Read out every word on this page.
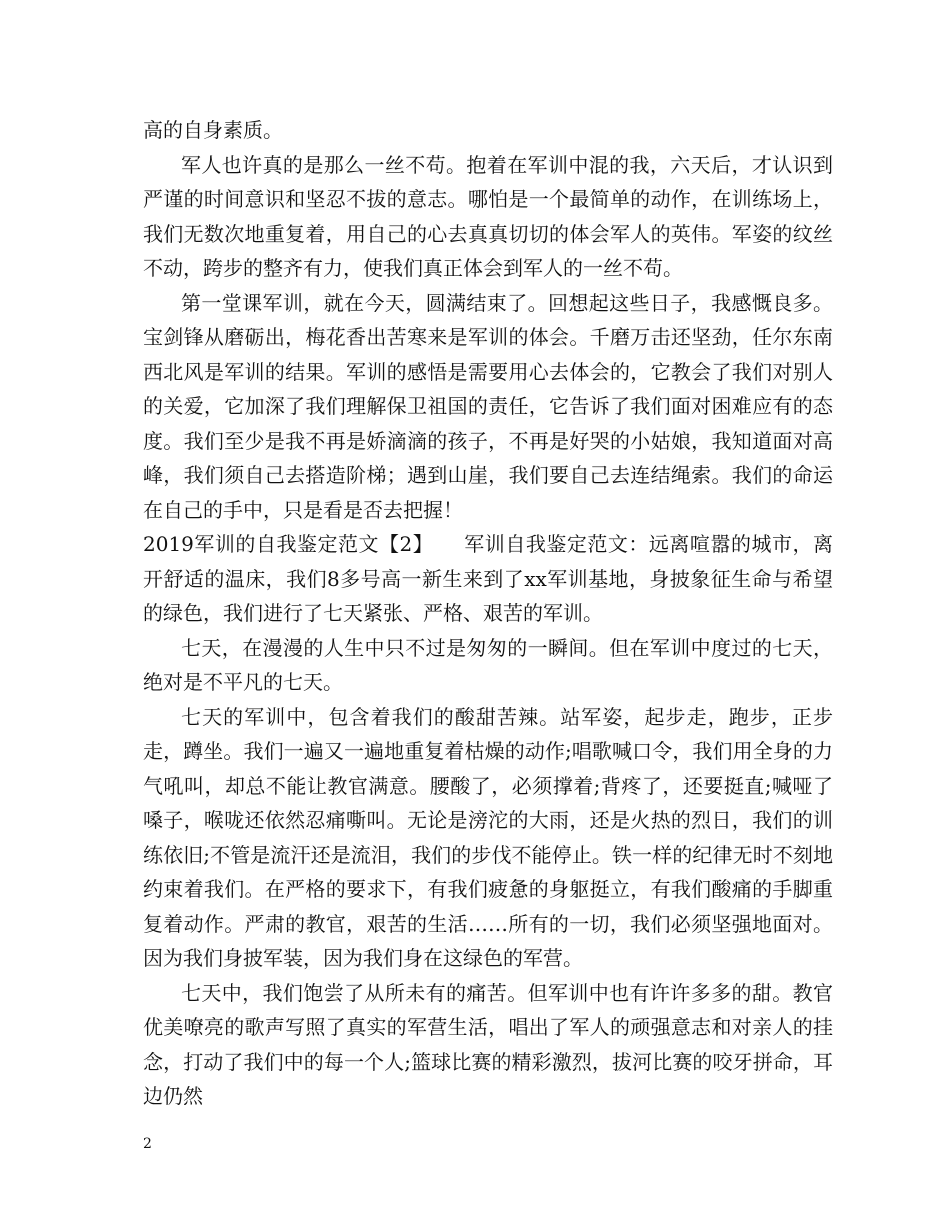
高的自身素质。

军人也许真的是那么一丝不苟。抱着在军训中混的我，六天后，才认识到严谨的时间意识和坚忍不拔的意志。哪怕是一个最简单的动作，在训练场上，我们无数次地重复着，用自己的心去真真切切的体会军人的英伟。军姿的纹丝不动，跨步的整齐有力，使我们真正体会到军人的一丝不苟。

第一堂课军训，就在今天，圆满结束了。回想起这些日子，我感慨良多。宝剑锋从磨砺出，梅花香出苦寒来是军训的体会。千磨万击还坚劲，任尔东南西北风是军训的结果。军训的感悟是需要用心去体会的，它教会了我们对别人的关爱，它加深了我们理解保卫祖国的责任，它告诉了我们面对困难应有的态度。我们至少是我不再是娇滴滴的孩子，不再是好哭的小姑娘，我知道面对高峰，我们须自己去搭造阶梯；遇到山崖，我们要自己去连结绳索。我们的命运在自己的手中，只是看是否去把握！

2019军训的自我鉴定范文【2】　　军训自我鉴定范文：远离喧嚣的城市，离开舒适的温床，我们8多号高一新生来到了xx军训基地，身披象征生命与希望的绿色，我们进行了七天紧张、严格、艰苦的军训。

七天，在漫漫的人生中只不过是匆匆的一瞬间。但在军训中度过的七天，绝对是不平凡的七天。

七天的军训中，包含着我们的酸甜苦辣。站军姿，起步走，跑步，正步走，蹲坐。我们一遍又一遍地重复着枯燥的动作;唱歌喊口令，我们用全身的力气吼叫，却总不能让教官满意。腰酸了，必须撑着;背疼了，还要挺直;喊哑了嗓子，喉咙还依然忍痛嘶叫。无论是滂沱的大雨，还是火热的烈日，我们的训练依旧;不管是流汗还是流泪，我们的步伐不能停止。铁一样的纪律无时不刻地约束着我们。在严格的要求下，有我们疲惫的身躯挺立，有我们酸痛的手脚重复着动作。严肃的教官，艰苦的生活……所有的一切，我们必须坚强地面对。因为我们身披军装，因为我们身在这绿色的军营。

七天中，我们饱尝了从所未有的痛苦。但军训中也有许许多多的甜。教官优美嘹亮的歌声写照了真实的军营生活，唱出了军人的顽强意志和对亲人的挂念，打动了我们中的每一个人;篮球比赛的精彩激烈，拔河比赛的咬牙拼命，耳边仍然

2
